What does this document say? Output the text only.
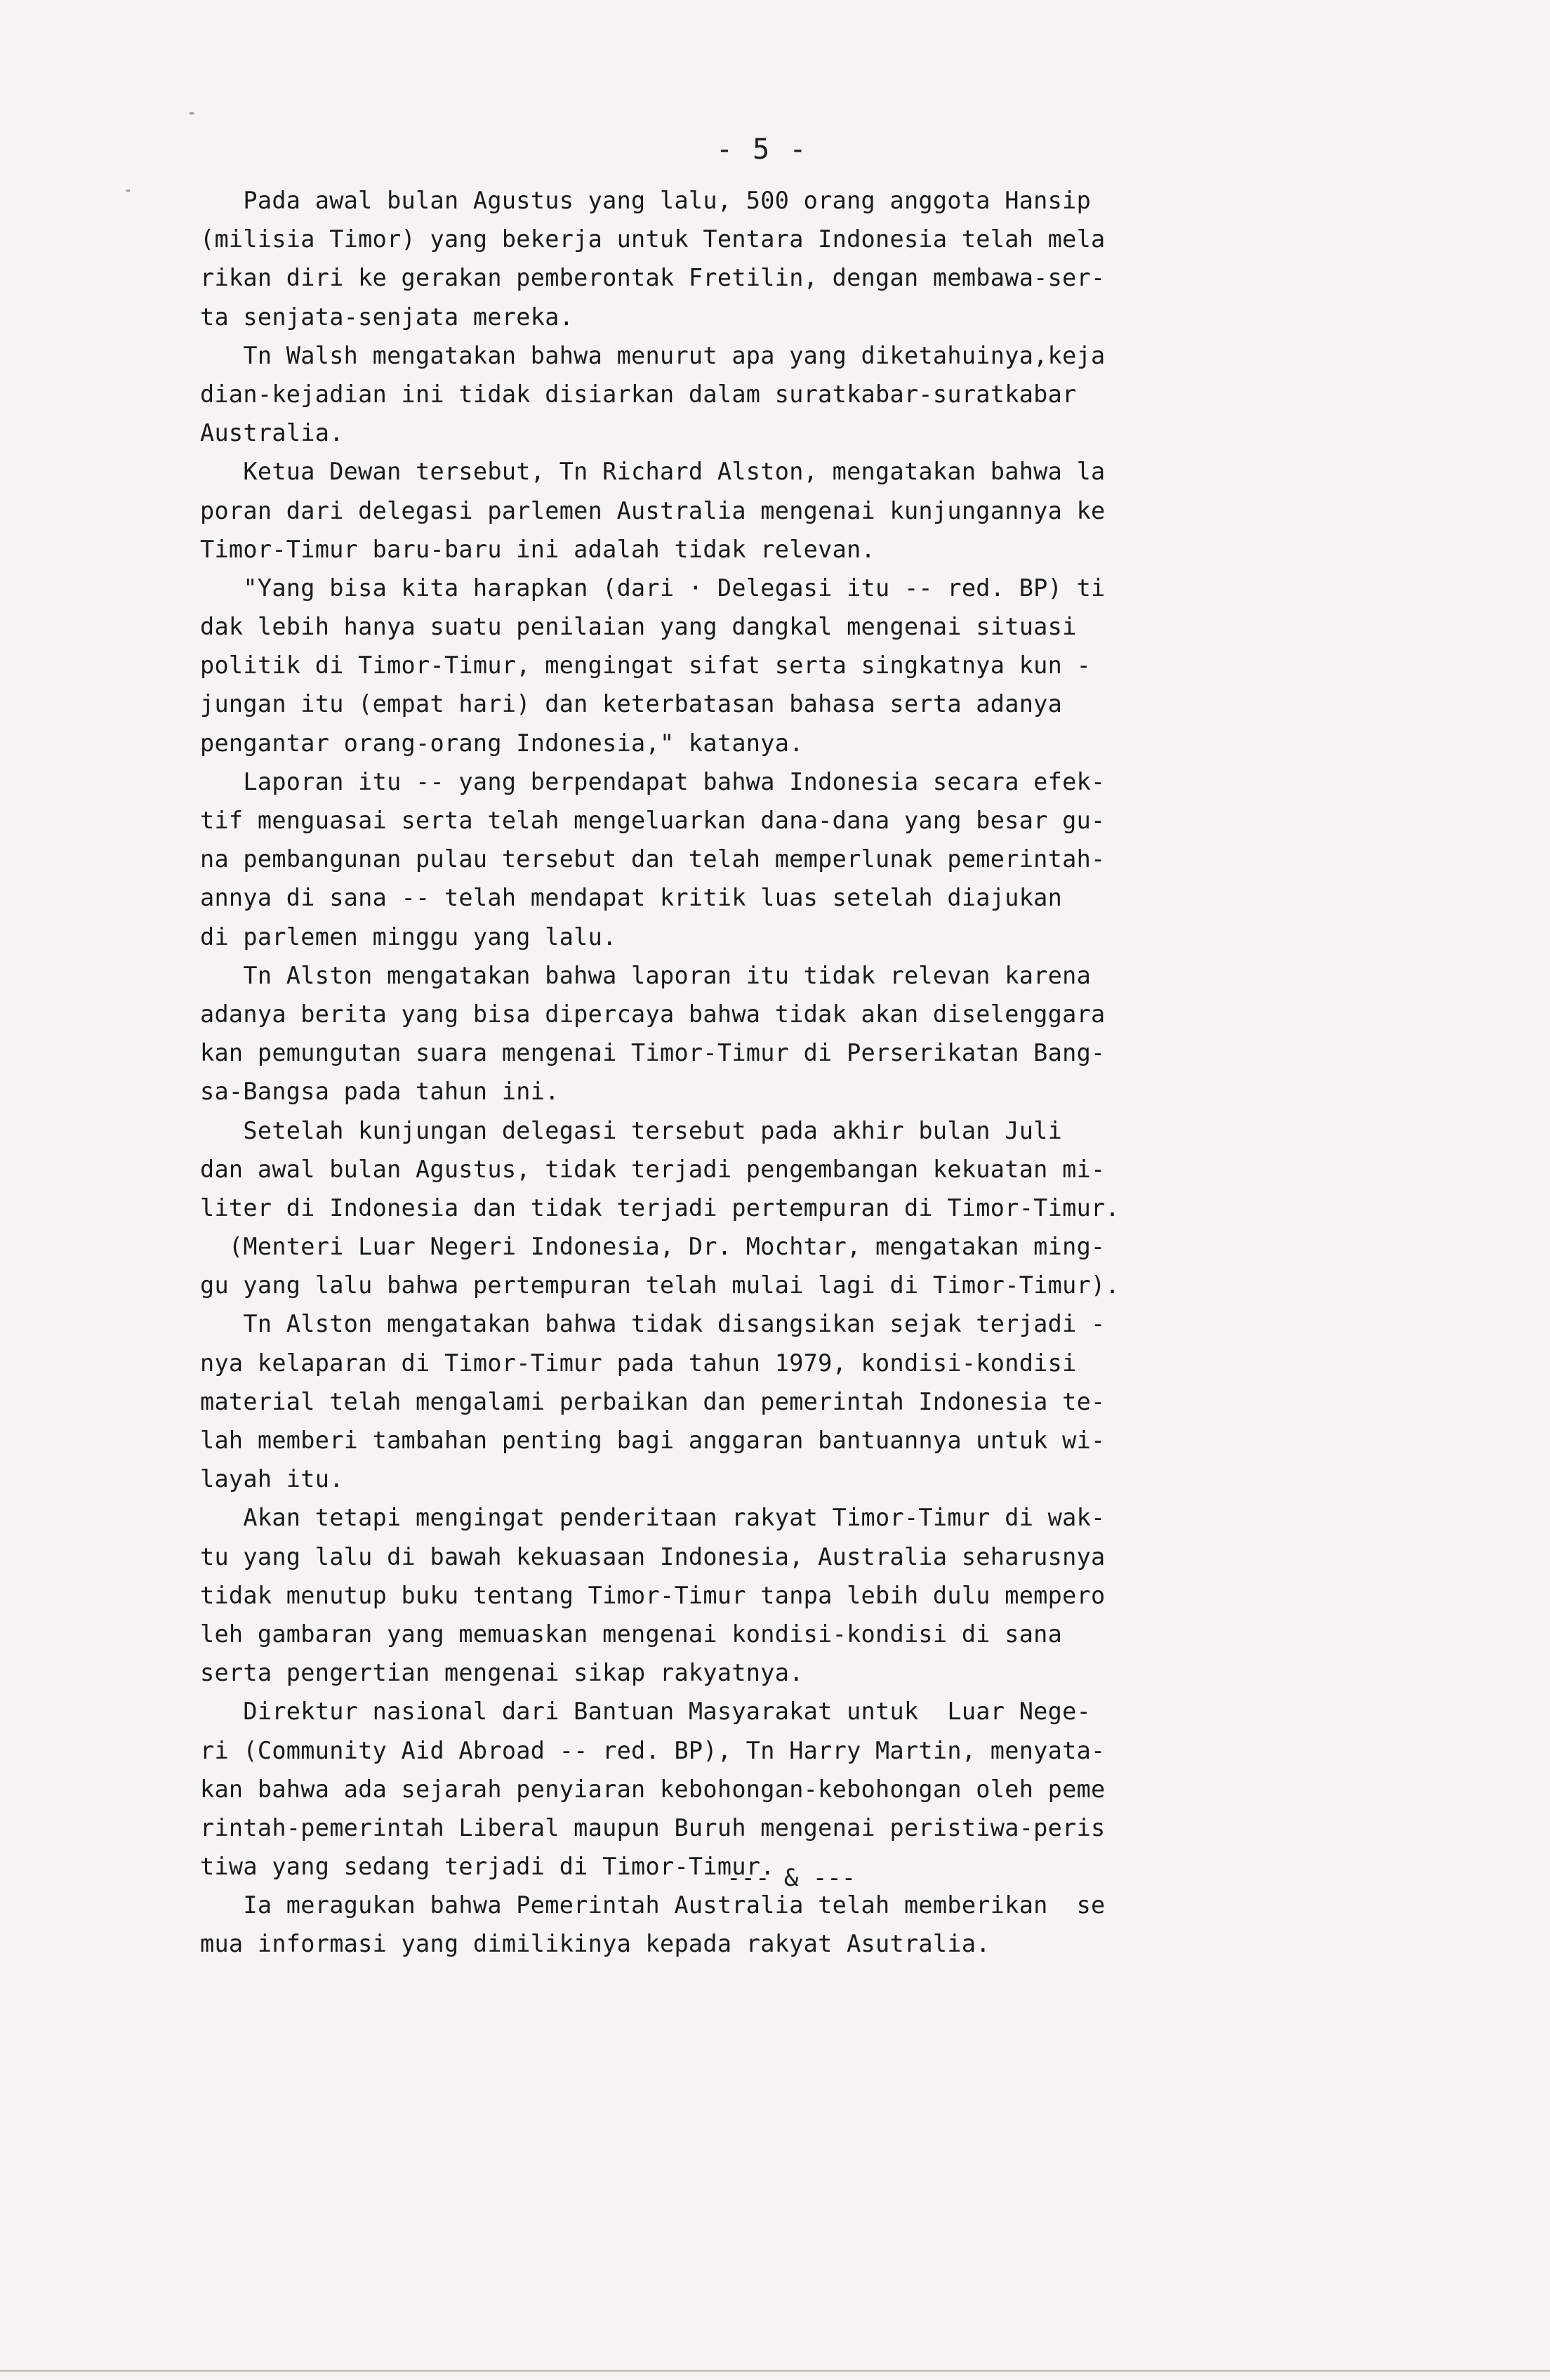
- 5 -
Pada awal bulan Agustus yang lalu, 500 orang anggota Hansip
(milisia Timor) yang bekerja untuk Tentara Indonesia telah mela
rikan diri ke gerakan pemberontak Fretilin, dengan membawa-ser-
ta senjata-senjata mereka.
Tn Walsh mengatakan bahwa menurut apa yang diketahuinya,keja
dian-kejadian ini tidak disiarkan dalam suratkabar-suratkabar
Australia.
Ketua Dewan tersebut, Tn Richard Alston, mengatakan bahwa la
poran dari delegasi parlemen Australia mengenai kunjungannya ke
Timor-Timur baru-baru ini adalah tidak relevan.
"Yang bisa kita harapkan (dari · Delegasi itu -- red. BP) ti
dak lebih hanya suatu penilaian yang dangkal mengenai situasi
politik di Timor-Timur, mengingat sifat serta singkatnya kun -
jungan itu (empat hari) dan keterbatasan bahasa serta adanya
pengantar orang-orang Indonesia," katanya.
Laporan itu -- yang berpendapat bahwa Indonesia secara efek-
tif menguasai serta telah mengeluarkan dana-dana yang besar gu-
na pembangunan pulau tersebut dan telah memperlunak pemerintah-
annya di sana -- telah mendapat kritik luas setelah diajukan
di parlemen minggu yang lalu.
Tn Alston mengatakan bahwa laporan itu tidak relevan karena
adanya berita yang bisa dipercaya bahwa tidak akan diselenggara
kan pemungutan suara mengenai Timor-Timur di Perserikatan Bang-
sa-Bangsa pada tahun ini.
Setelah kunjungan delegasi tersebut pada akhir bulan Juli
dan awal bulan Agustus, tidak terjadi pengembangan kekuatan mi-
liter di Indonesia dan tidak terjadi pertempuran di Timor-Timur.
(Menteri Luar Negeri Indonesia, Dr. Mochtar, mengatakan ming-
gu yang lalu bahwa pertempuran telah mulai lagi di Timor-Timur).
Tn Alston mengatakan bahwa tidak disangsikan sejak terjadi -
nya kelaparan di Timor-Timur pada tahun 1979, kondisi-kondisi
material telah mengalami perbaikan dan pemerintah Indonesia te-
lah memberi tambahan penting bagi anggaran bantuannya untuk wi-
layah itu.
Akan tetapi mengingat penderitaan rakyat Timor-Timur di wak-
tu yang lalu di bawah kekuasaan Indonesia, Australia seharusnya
tidak menutup buku tentang Timor-Timur tanpa lebih dulu mempero
leh gambaran yang memuaskan mengenai kondisi-kondisi di sana
serta pengertian mengenai sikap rakyatnya.
Direktur nasional dari Bantuan Masyarakat untuk  Luar Nege-
ri (Community Aid Abroad -- red. BP), Tn Harry Martin, menyata-
kan bahwa ada sejarah penyiaran kebohongan-kebohongan oleh peme
rintah-pemerintah Liberal maupun Buruh mengenai peristiwa-peris
tiwa yang sedang terjadi di Timor-Timur.
Ia meragukan bahwa Pemerintah Australia telah memberikan  se
mua informasi yang dimilikinya kepada rakyat Asutralia.
--- & ---
